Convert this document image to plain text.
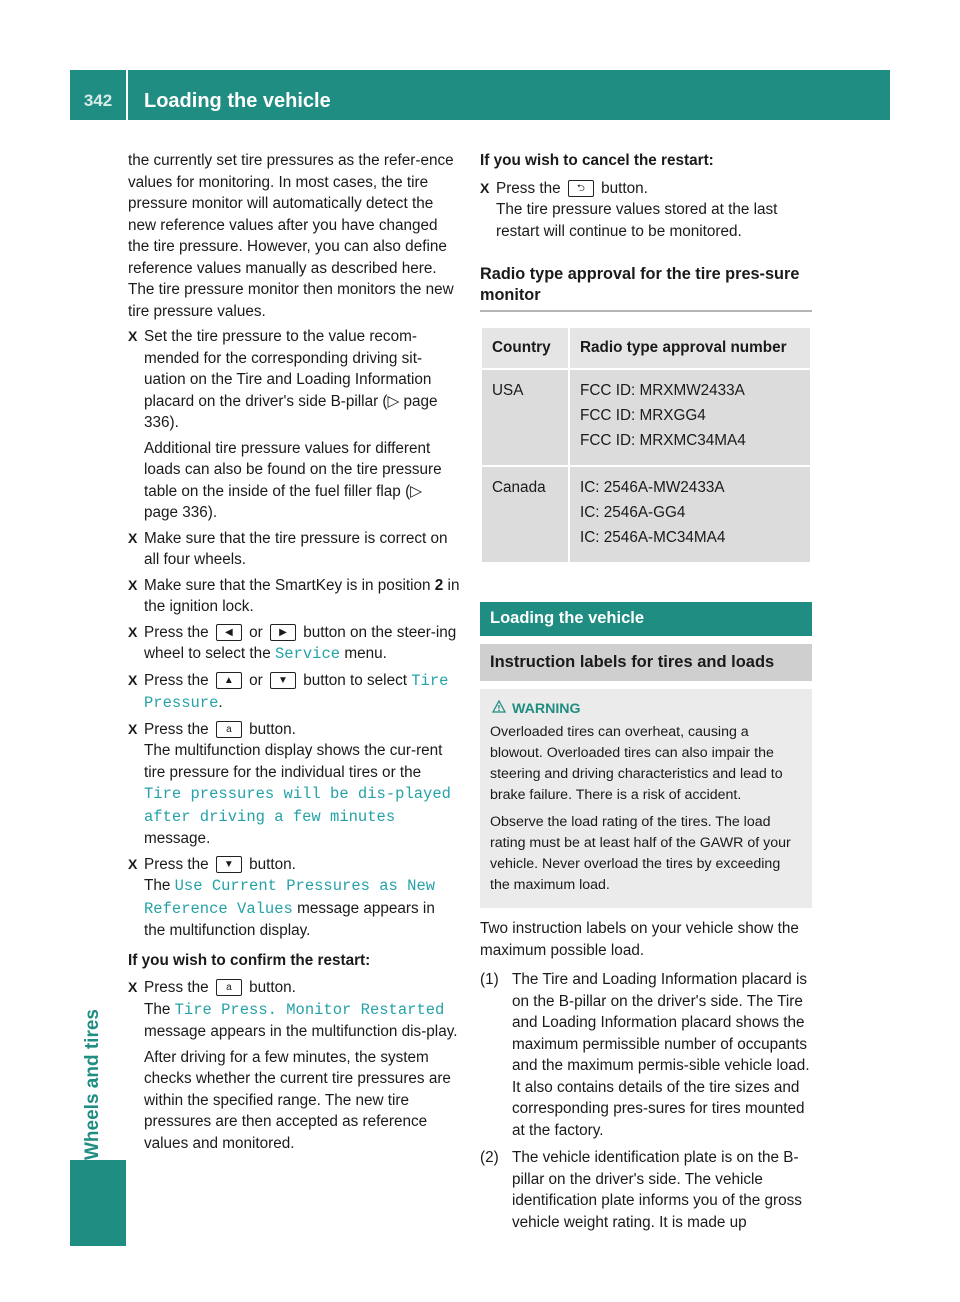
342	Loading the vehicle
Wheels and tires

the currently set tire pressures as the refer-ence values for monitoring. In most cases, the tire pressure monitor will automatically detect the new reference values after you have changed the tire pressure. However, you can also define reference values manually as described here. The tire pressure monitor then monitors the new tire pressure values.

X Set the tire pressure to the value recom-mended for the corresponding driving sit-uation on the Tire and Loading Information placard on the driver's side B-pillar (▷ page 336).
Additional tire pressure values for different loads can also be found on the tire pressure table on the inside of the fuel filler flap (▷ page 336).
X Make sure that the tire pressure is correct on all four wheels.
X Make sure that the SmartKey is in position 2 in the ignition lock.
X Press the ◀ or ▶ button on the steer-ing wheel to select the Service menu.
X Press the ▲ or ▼ button to select Tire Pressure.
X Press the a button.
The multifunction display shows the cur-rent tire pressure for the individual tires or the Tire pressures will be dis-played after driving a few minutes message.
X Press the ▼ button.
The Use Current Pressures as New Reference Values message appears in the multifunction display.
If you wish to confirm the restart:
X Press the a button.
The Tire Press. Monitor Restarted message appears in the multifunction dis-play.
After driving for a few minutes, the system checks whether the current tire pressures are within the specified range. The new tire pressures are then accepted as reference values and monitored.
If you wish to cancel the restart:
X Press the ⮌ button.
The tire pressure values stored at the last restart will continue to be monitored.
Radio type approval for the tire pres-sure monitor
Country	Radio type approval number
USA	FCC ID: MRXMW2433A
FCC ID: MRXGG4
FCC ID: MRXMC34MA4

Canada	IC: 2546A-MW2433A
IC: 2546A-GG4
IC: 2546A-MC34MA4
Loading the vehicle
Instruction labels for tires and loads
WARNING

Overloaded tires can overheat, causing a blowout. Overloaded tires can also impair the steering and driving characteristics and lead to brake failure. There is a risk of accident.

Observe the load rating of the tires. The load rating must be at least half of the GAWR of your vehicle. Never overload the tires by exceeding the maximum load.

Two instruction labels on your vehicle show the maximum possible load.

(1) The Tire and Loading Information placard is on the B-pillar on the driver's side. The Tire and Loading Information placard shows the maximum permissible number of occupants and the maximum permis-sible vehicle load. It also contains details of the tire sizes and corresponding pres-sures for tires mounted at the factory.
(2) The vehicle identification plate is on the B-pillar on the driver's side. The vehicle identification plate informs you of the gross vehicle weight rating. It is made up
